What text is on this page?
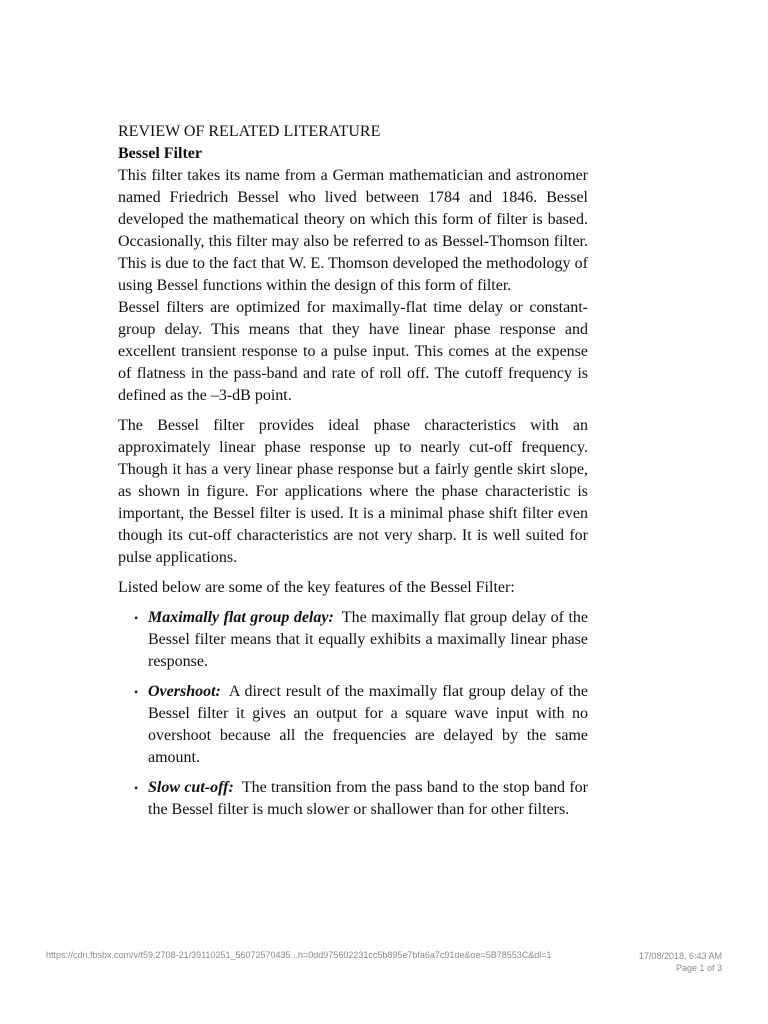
REVIEW OF RELATED LITERATURE
Bessel Filter

This filter takes its name from a German mathematician and astronomer named Friedrich Bessel who lived between 1784 and 1846. Bessel developed the mathematical theory on which this form of filter is based. Occasionally, this filter may also be referred to as Bessel-Thomson filter. This is due to the fact that W. E. Thomson developed the methodology of using Bessel functions within the design of this form of filter.

Bessel filters are optimized for maximally-flat time delay or constant-group delay. This means that they have linear phase response and excellent transient response to a pulse input. This comes at the expense of flatness in the pass-band and rate of roll off. The cutoff frequency is defined as the –3-dB point.

The Bessel filter provides ideal phase characteristics with an approximately linear phase response up to nearly cut-off frequency. Though it has a very linear phase response but a fairly gentle skirt slope, as shown in figure. For applications where the phase characteristic is important, the Bessel filter is used. It is a minimal phase shift filter even though its cut-off characteristics are not very sharp. It is well suited for pulse applications.

Listed below are some of the key features of the Bessel Filter:

• Maximally flat group delay: The maximally flat group delay of the Bessel filter means that it equally exhibits a maximally linear phase response.
• Overshoot: A direct result of the maximally flat group delay of the Bessel filter it gives an output for a square wave input with no overshoot because all the frequencies are delayed by the same amount.
• Slow cut-off: The transition from the pass band to the stop band for the Bessel filter is much slower or shallower than for other filters.
https://cdn.fbsbx.com/v/t59.2708-21/39110251_56072570435...h=0dd975602231cc5b895e7bfa6a7c91de&oe=5B78553C&dl=1	17/08/2018, 6:43 AM
Page 1 of 3
